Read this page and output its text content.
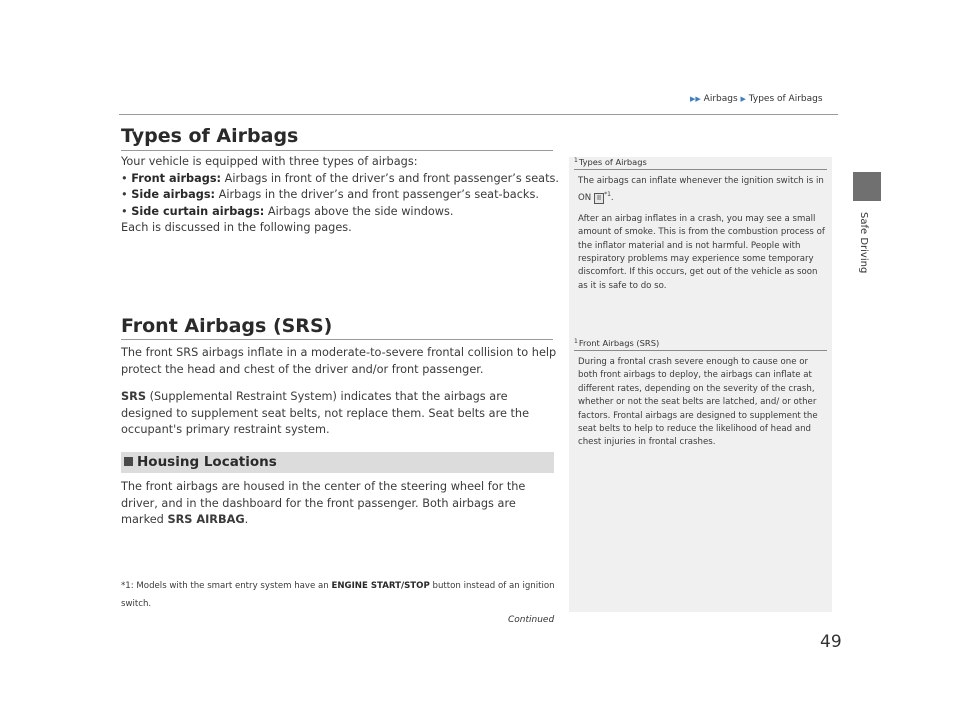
▶▶ Airbags ▶ Types of Airbags
Safe Driving
Types of Airbags

Your vehicle is equipped with three types of airbags:

• Front airbags: Airbags in front of the driver’s and front passenger’s seats.
• Side airbags: Airbags in the driver’s and front passenger’s seat-backs.
• Side curtain airbags: Airbags above the side windows.

Each is discussed in the following pages.

Front Airbags (SRS)

The front SRS airbags inflate in a moderate-to-severe frontal collision to help protect the head and chest of the driver and/or front passenger.

SRS (Supplemental Restraint System) indicates that the airbags are designed to supplement seat belts, not replace them. Seat belts are the occupant's primary restraint system.

Housing Locations

The front airbags are housed in the center of the steering wheel for the driver, and in the dashboard for the front passenger. Both airbags are marked SRS AIRBAG.

*1: Models with the smart entry system have an ENGINE START/STOP button instead of an ignition switch.
Continued
49
$^1$Types of Airbags

The airbags can inflate whenever the ignition switch is in ON II $^{*1}$.

After an airbag inflates in a crash, you may see a small amount of smoke. This is from the combustion process of the inflator material and is not harmful. People with respiratory problems may experience some temporary discomfort. If this occurs, get out of the vehicle as soon as it is safe to do so.

$^1$Front Airbags (SRS)

During a frontal crash severe enough to cause one or both front airbags to deploy, the airbags can inflate at different rates, depending on the severity of the crash, whether or not the seat belts are latched, and/ or other factors. Frontal airbags are designed to supplement the seat belts to help to reduce the likelihood of head and chest injuries in frontal crashes.
